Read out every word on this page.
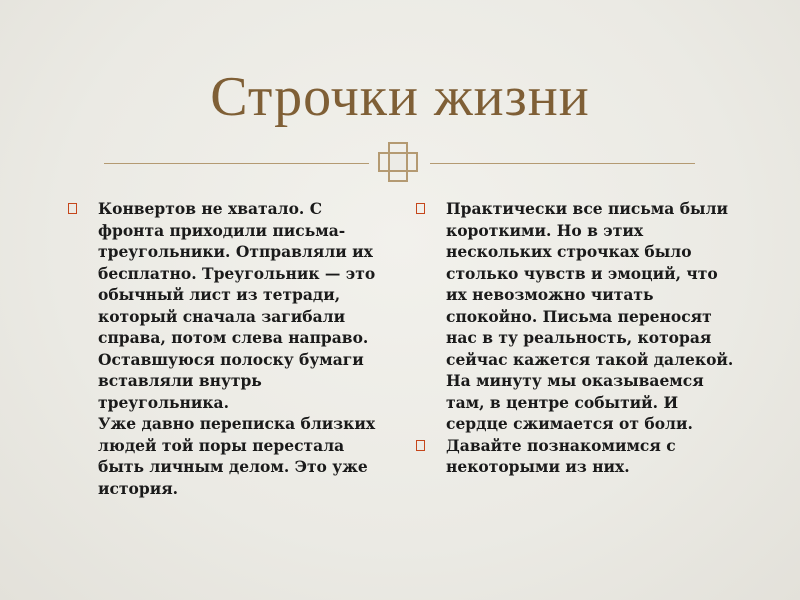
Строчки жизни

Конвертов не хватало. С фронта приходили письма-треугольники. Отправляли их бесплатно. Треугольник — это обычный лист из тетради, который сначала загибали справа, потом слева направо. Оставшуюся полоску бумаги вставляли внутрь треугольника.

Уже давно переписка близких людей той поры перестала быть личным делом. Это уже история.

Практически все письма были короткими. Но в этих нескольких строчках было столько чувств и эмоций, что их невозможно читать спокойно. Письма переносят нас в ту реальность, которая сейчас кажется такой далекой. На минуту мы оказываемся там, в центре событий. И сердце сжимается от боли.

Давайте познакомимся с некоторыми из них.
